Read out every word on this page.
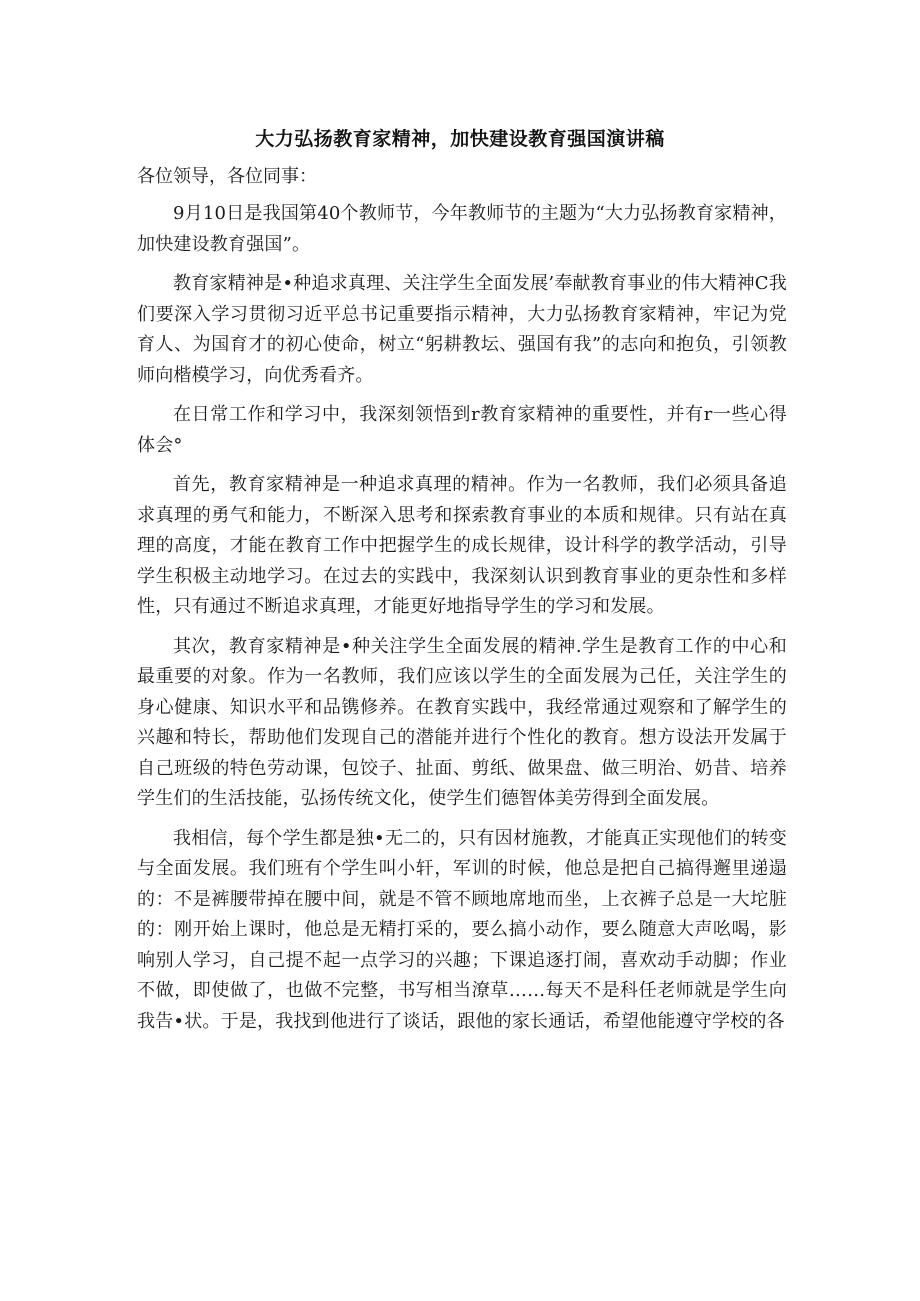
大力弘扬教育家精神，加快建设教育强国演讲稿
各位领导，各位同事：

9月10日是我国第40个教师节，今年教师节的主题为“大力弘扬教育家精神，加快建设教育强国”。

教育家精神是•种追求真理、关注学生全面发展’奉献教育事业的伟大精神C我们要深入学习贯彻习近平总书记重要指示精神，大力弘扬教育家精神，牢记为党育人、为国育才的初心使命，树立“躬耕教坛、强国有我”的志向和抱负，引领教师向楷模学习，向优秀看齐。

在日常工作和学习中，我深刻领悟到r教育家精神的重要性，并有r一些心得体会°

首先，教育家精神是一种追求真理的精神。作为一名教师，我们必须具备追求真理的勇气和能力，不断深入思考和探索教育事业的本质和规律。只有站在真理的高度，才能在教育工作中把握学生的成长规律，设计科学的教学活动，引导学生积极主动地学习。在过去的实践中，我深刻认识到教育事业的更杂性和多样性，只有通过不断追求真理，才能更好地指导学生的学习和发展。

其次，教育家精神是•种关注学生全面发展的精神.学生是教育工作的中心和最重要的对象。作为一名教师，我们应该以学生的全面发展为己任，关注学生的身心健康、知识水平和品镌修养。在教育实践中，我经常通过观察和了解学生的兴趣和特长，帮助他们发现自己的潜能并进行个性化的教育。想方设法开发属于自己班级的特色劳动课，包饺子、扯面、剪纸、做果盘、做三明治、奶昔、培养学生们的生活技能，弘扬传统文化，使学生们德智体美劳得到全面发展。

我相信，每个学生都是独•无二的，只有因材施教，才能真正实现他们的转变与全面发展。我们班有个学生叫小轩，军训的时候，他总是把自己搞得邂里递遢的：不是裤腰带掉在腰中间，就是不管不顾地席地而坐，上衣裤子总是一大坨脏的：刚开始上课时，他总是无精打采的，要么搞小动作，要么随意大声吆喝，影响别人学习，自己提不起一点学习的兴趣；下课追逐打闹，喜欢动手动脚；作业不做，即使做了，也做不完整，书写相当潦草……每天不是科任老师就是学生向我告•状。于是，我找到他进行了谈话，跟他的家长通话，希望他能遵守学校的各
